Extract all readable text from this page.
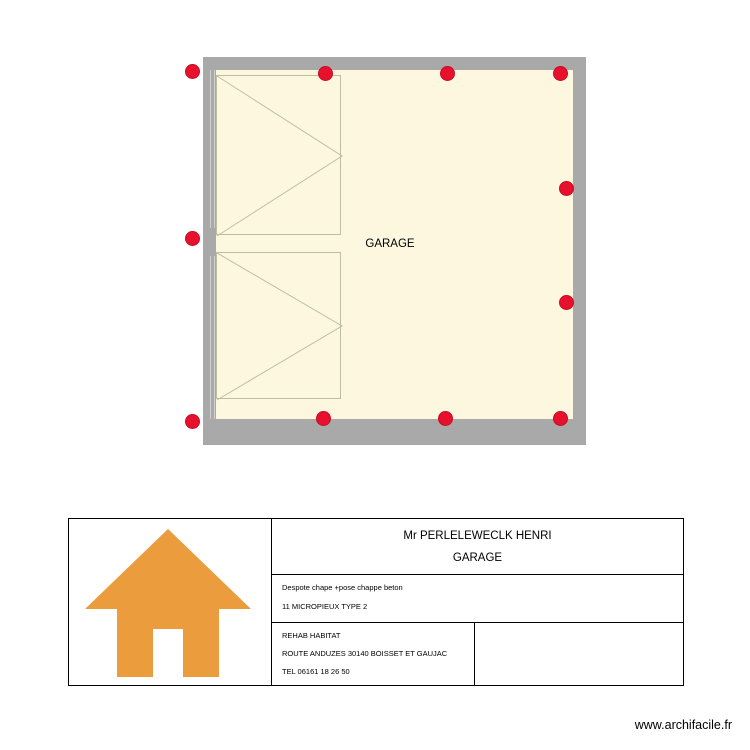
GARAGE
Mr PERLELEWECLK HENRI
GARAGE
Despote chape +pose chappe beton
11 MICROPIEUX TYPE 2
REHAB HABITAT
ROUTE ANDUZES 30140 BOISSET ET GAUJAC
TEL 06161 18 26 50
www.archifacile.fr
